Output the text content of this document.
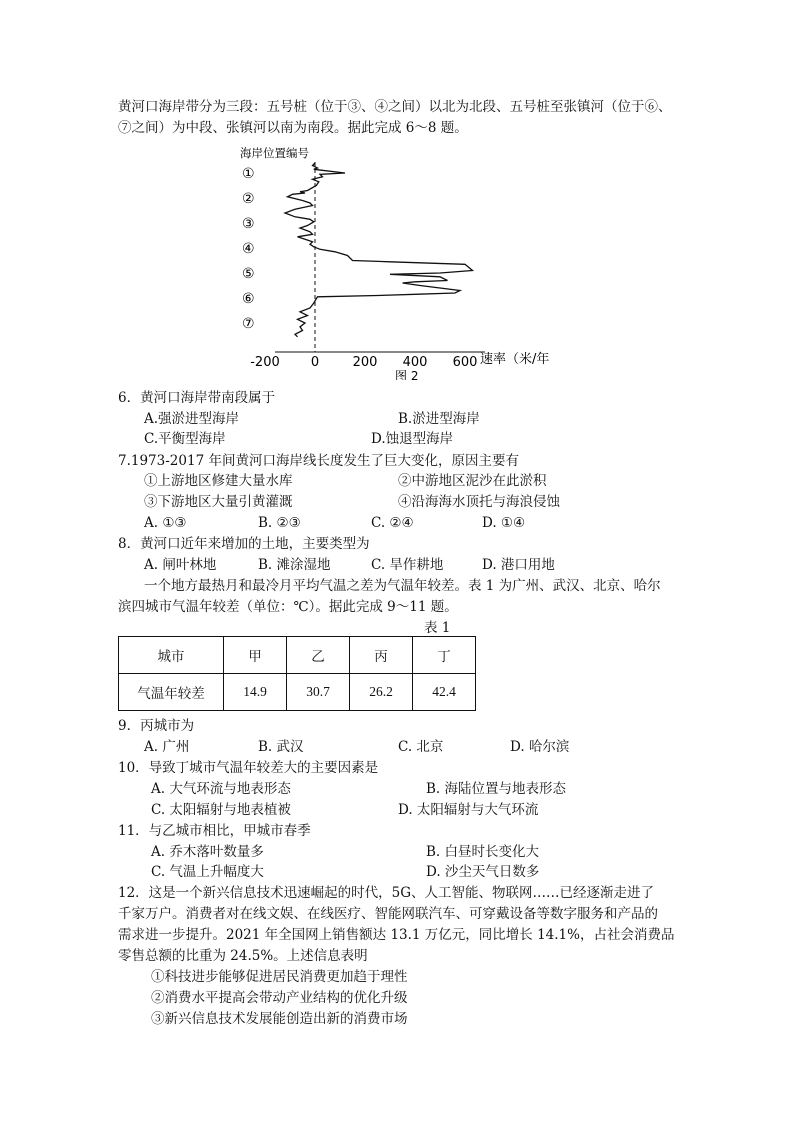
黄河口海岸带分为三段：五号桩（位于③、④之间）以北为北段、五号桩至张镇河（位于⑥、
⑦之间）为中段、张镇河以南为南段。据此完成 6～8 题。
海岸位置编号
①
②
③
④
⑤
⑥
⑦
-200 0	200 400 600 速率（米/年
图 2
6．黄河口海岸带南段属于
A.强淤进型海岸	B.淤进型海岸
C.平衡型海岸	D.蚀退型海岸
7.1973-2017 年间黄河口海岸线长度发生了巨大变化，原因主要有
①上游地区修建大量水库	②中游地区泥沙在此淤积
③下游地区大量引黄灌溉	④沿海海水顶托与海浪侵蚀
A. ①③	B. ②③	C. ②④	D. ①④
8．黄河口近年来增加的土地，主要类型为
A. 闸叶林地	B. 滩涂湿地	C. 旱作耕地	D. 港口用地
一个地方最热月和最冷月平均气温之差为气温年较差。表 1 为广州、武汉、北京、哈尔
滨四城市气温年较差（单位：℃）。据此完成 9～11 题。
表 1
城市	甲	乙	丙	丁
气温年较差	14.9	30.7	26.2	42.4
9．丙城市为
A. 广州	B. 武汉	C. 北京	D. 哈尔滨
10．导致丁城市气温年较差大的主要因素是
A. 大气环流与地表形态	B. 海陆位置与地表形态
C. 太阳辐射与地表植被	D. 太阳辐射与大气环流
11．与乙城市相比，甲城市春季
A. 乔木落叶数量多	B. 白昼时长变化大
C. 气温上升幅度大	D. 沙尘天气日数多
12．这是一个新兴信息技术迅速崛起的时代，5G、人工智能、物联网……已经逐渐走进了
千家万户。消费者对在线文娱、在线医疗、智能网联汽车、可穿戴设备等数字服务和产品的
需求进一步提升。2021 年全国网上销售额达 13.1 万亿元，同比增长 14.1%，占社会消费品
零售总额的比重为 24.5%。上述信息表明
①科技进步能够促进居民消费更加趋于理性
②消费水平提高会带动产业结构的优化升级
③新兴信息技术发展能创造出新的消费市场
